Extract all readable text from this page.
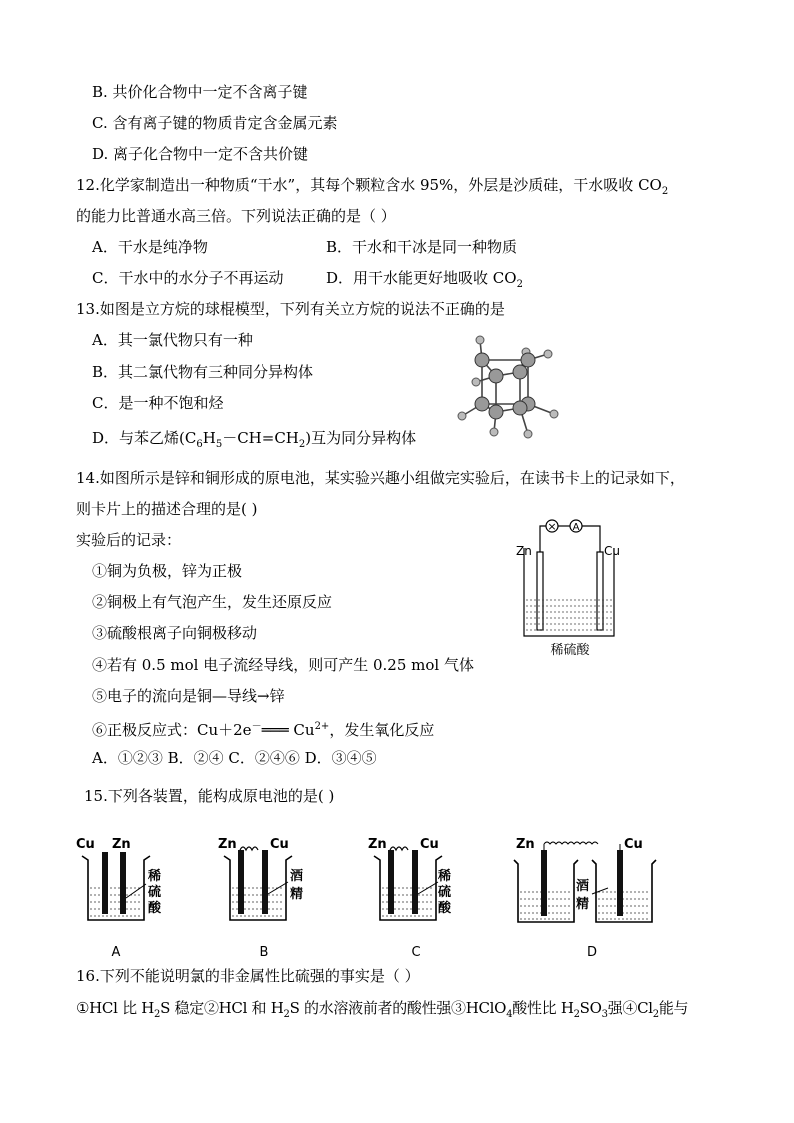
B. 共价化合物中一定不含离子键
C. 含有离子键的物质肯定含金属元素
D. 离子化合物中一定不含共价键
12.化学家制造出一种物质“干水”，其每个颗粒含水 95%，外层是沙质硅，干水吸收 $CO_2$
的能力比普通水高三倍。下列说法正确的是（ ）
A．干水是纯净物	B．干水和干冰是同一种物质
C．干水中的水分子不再运动	D．用干水能更好地吸收 $CO_2$
13.如图是立方烷的球棍模型，下列有关立方烷的说法不正确的是
A．其一氯代物只有一种
B．其二氯代物有三种同分异构体
C．是一种不饱和烃
D．与苯乙烯$(C_6H_5-CH=CH_2)$互为同分异构体
14.如图所示是锌和铜形成的原电池，某实验兴趣小组做完实验后，在读书卡上的记录如下，
则卡片上的描述合理的是( )
实验后的记录：
①铜为负极，锌为正极
②铜极上有气泡产生，发生还原反应
③硫酸根离子向铜极移动
④若有 0.5 mol 电子流经导线，则可产生 0.25 mol 气体
⑤电子的流向是铜—导线→锌
⑥正极反应式：Cu＋2e－═══ $Cu^{2+}$，发生氧化反应
A．①②③ B．②④ C．②④⑥ D．③④⑤
× A
Zn	Cu
稀硫酸
15.下列各装置，能构成原电池的是( )
Cu Zn
稀
硫
酸
A
Zn	Cu
酒
精
B
Zn	Cu
稀
硫
酸
C
Zn	Cu
酒
精
D
16.下列不能说明氯的非金属性比硫强的事实是（ ）
①HCl 比 $H_2S$ 稳定②HCl 和 $H_2S$ 的水溶液前者的酸性强③HClO$_4$酸性比 $H_2SO_3$强$④Cl_2$能与
